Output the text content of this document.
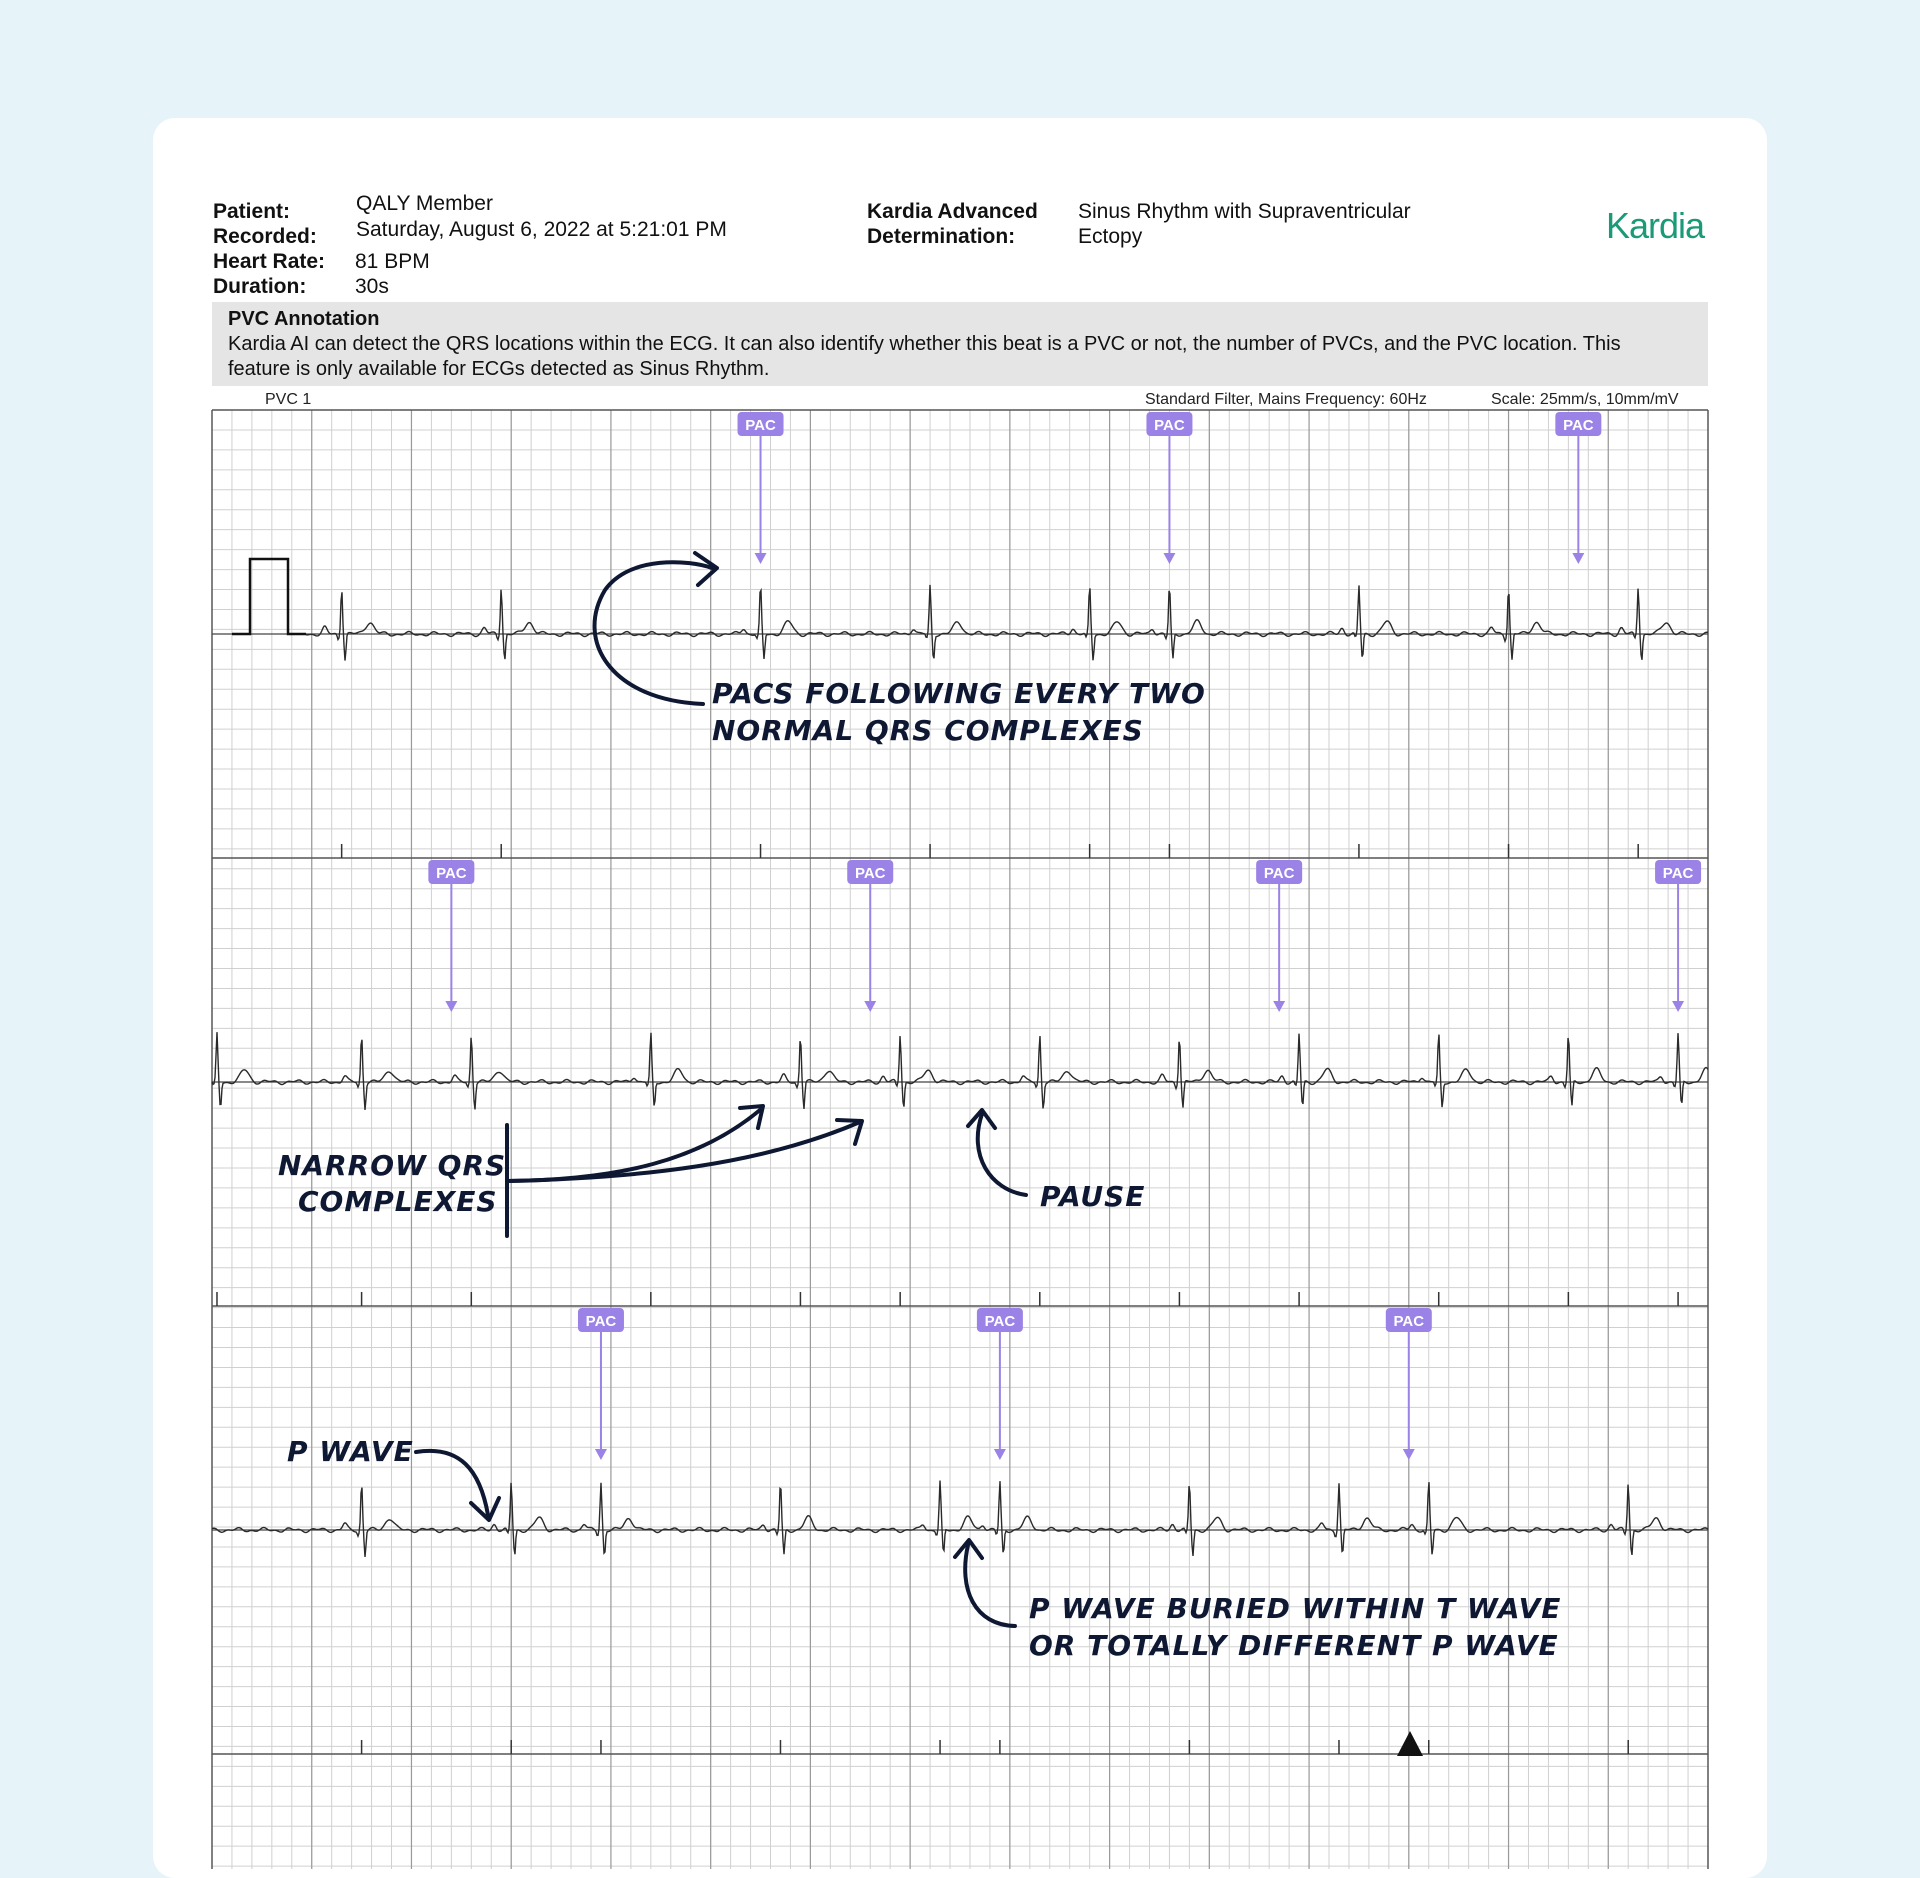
Patient:	QALY Member
Recorded: Saturday, August 6, 2022 at 5:21:01 PM
Heart Rate: 81 BPM
Duration: 30s
Kardia Advanced
Determination:
Sinus Rhythm with Supraventricular
Ectopy	Kardia
PVC Annotation
Kardia AI can detect the QRS locations within the ECG. It can also identify whether this beat is a PVC or not, the number of PVCs, and the PVC location. This feature is only available for ECGs detected as Sinus Rhythm.
PVC 1	Standard Filter, Mains Frequency: 60Hz	Scale: 25mm/s, 10mm/mV
PAC	PAC	PAC
PAC	PAC	PAC	PAC
PAC	PAC	PAC
PACS FOLLOWING EVERY TWO
NORMAL QRS COMPLEXES
NARROW QRS
COMPLEXES	PAUSE
P WAVE
P WAVE BURIED WITHIN T WAVE
OR TOTALLY DIFFERENT P WAVE
